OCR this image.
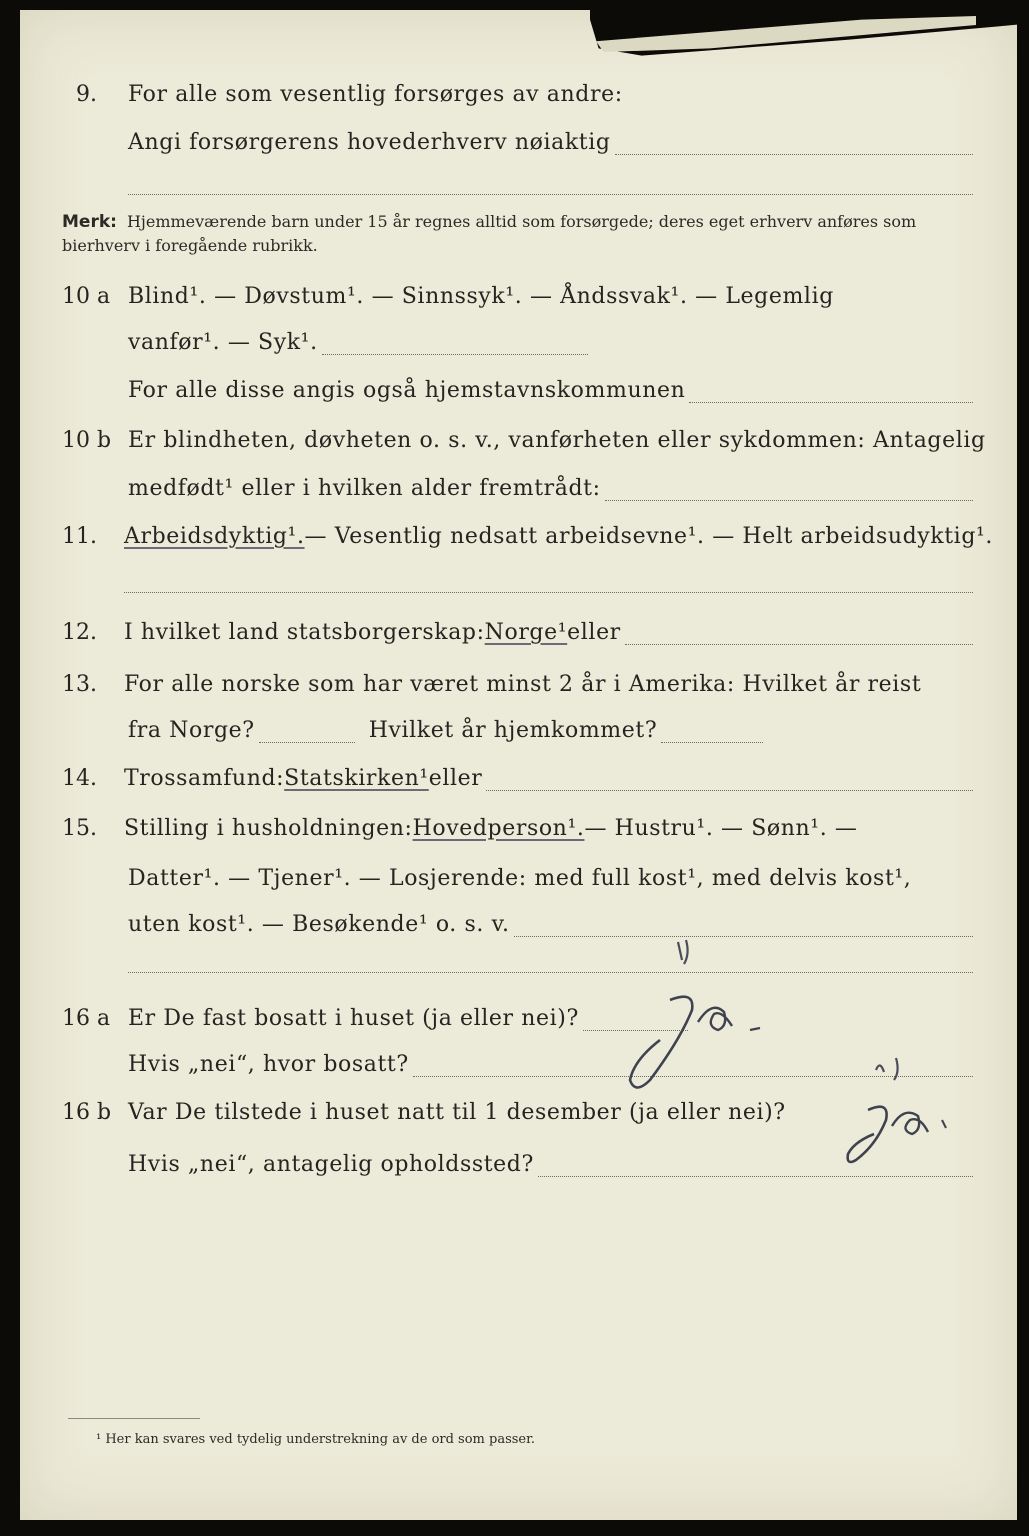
9. For alle som vesentlig forsørges av andre:
Angi forsørgerens hovederhverv nøiaktig
Merk: Hjemmeværende barn under 15 år regnes alltid som forsørgede; deres eget erhverv anføres som bierhverv i foregående rubrikk.
10 a Blind¹. — Døvstum¹. — Sinnssyk¹. — Åndssvak¹. — Legemlig
vanfør¹. — Syk¹.
For alle disse angis også hjemstavnskommunen
10 b Er blindheten, døvheten o. s. v., vanførheten eller sykdommen: Antagelig
medfødt¹ eller i hvilken alder fremtrådt:
11. Arbeidsdyktig¹. — Vesentlig nedsatt arbeidsevne¹. — Helt arbeidsudyktig¹.
12. I hvilket land statsborgerskap: Norge¹ eller
13. For alle norske som har været minst 2 år i Amerika: Hvilket år reist
fra Norge?	Hvilket år hjemkommet?
14. Trossamfund: Statskirken¹ eller
15. Stilling i husholdningen: Hovedperson¹. — Hustru¹. — Sønn¹. —
Datter¹. — Tjener¹. — Losjerende: med full kost¹, med delvis kost¹,
uten kost¹. — Besøkende¹ o. s. v.
16 a Er De fast bosatt i huset (ja eller nei)?
Hvis „nei“, hvor bosatt?
16 b Var De tilstede i huset natt til 1 desember (ja eller nei)?
Hvis „nei“, antagelig opholdssted?
¹ Her kan svares ved tydelig understrekning av de ord som passer.
